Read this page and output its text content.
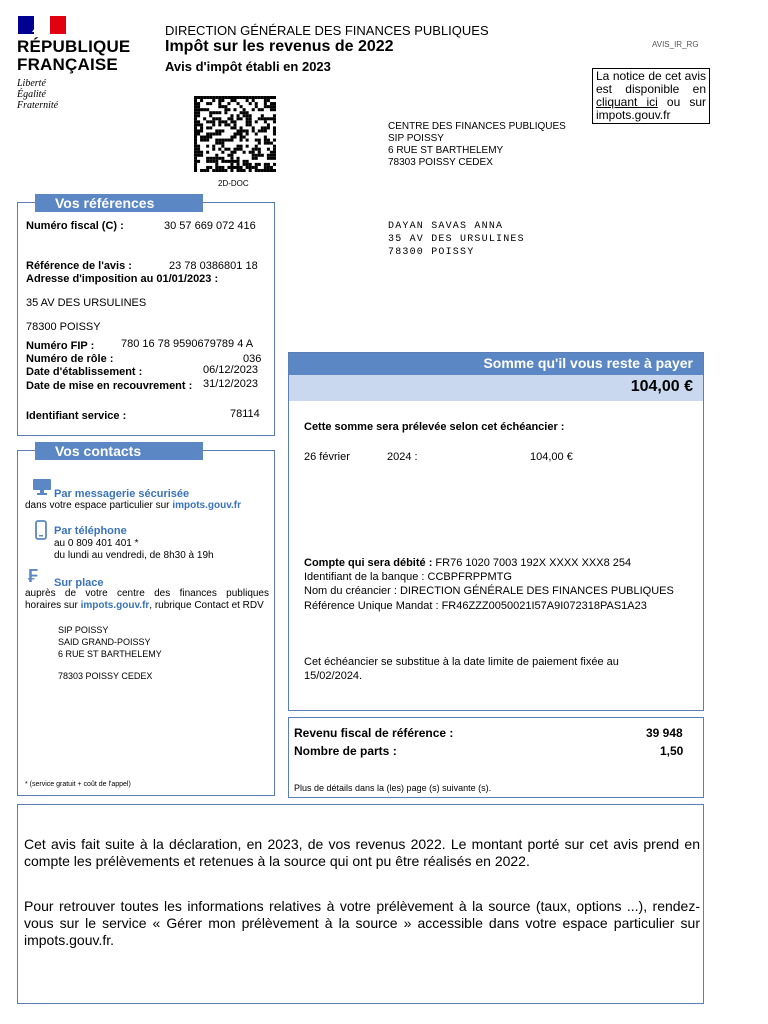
RÉPUBLIQUE
FRANÇAISE
Liberté
Égalité
Fraternité
DIRECTION GÉNÉRALE DES FINANCES PUBLIQUES
Impôt sur les revenus de 2022
Avis d'impôt établi en 2023
AVIS_IR_RG
La notice de cet avis est disponible en cliquant ici ou sur impots.gouv.fr
2D-DOC
CENTRE DES FINANCES PUBLIQUES
SIP POISSY
6 RUE ST BARTHELEMY
78303 POISSY CEDEX
DAYAN SAVAS ANNA
35 AV DES URSULINES
78300 POISSY
Vos références
Numéro fiscal (C) :	30 57 669 072 416
Référence de l'avis :	23 78 0386801 18
Adresse d'imposition au 01/01/2023 :
35 AV DES URSULINES
78300 POISSY
Numéro FIP : 780 16 78 9590679789 4 A
Numéro de rôle :	036
Date d'établissement :	06/12/2023
Date de mise en recouvrement : 31/12/2023
Identifiant service :	78114
Vos contacts
Par messagerie sécurisée
dans votre espace particulier sur impots.gouv.fr
Par téléphone
au 0 809 401 401 *
du lundi au vendredi, de 8h30 à 19h
₣ Sur place
auprès de votre centre des finances publiques
horaires sur impots.gouv.fr, rubrique Contact et RDV
SIP POISSY
SAID GRAND-POISSY
6 RUE ST BARTHELEMY
78303 POISSY CEDEX
* (service gratuit + coût de l'appel)
Somme qu'il vous reste à payer
104,00 €
Cette somme sera prélevée selon cet échéancier :
26 février	2024 :	104,00 €
Compte qui sera débité : FR76 1020 7003 192X XXXX XXX8 254
Identifiant de la banque : CCBPFRPPMTG
Nom du créancier : DIRECTION GÉNÉRALE DES FINANCES PUBLIQUES
Référence Unique Mandat : FR46ZZZ0050021I57A9I072318PAS1A23
Cet échéancier se substitue à la date limite de paiement fixée au 15/02/2024.
Revenu fiscal de référence :	39 948
Nombre de parts :	1,50
Plus de détails dans la (les) page (s) suivante (s).
Cet avis fait suite à la déclaration, en 2023, de vos revenus 2022. Le montant porté sur cet avis prend en compte les prélèvements et retenues à la source qui ont pu être réalisés en 2022.
Pour retrouver toutes les informations relatives à votre prélèvement à la source (taux, options ...), rendez-vous sur le service « Gérer mon prélèvement à la source » accessible dans votre espace particulier sur impots.gouv.fr.
